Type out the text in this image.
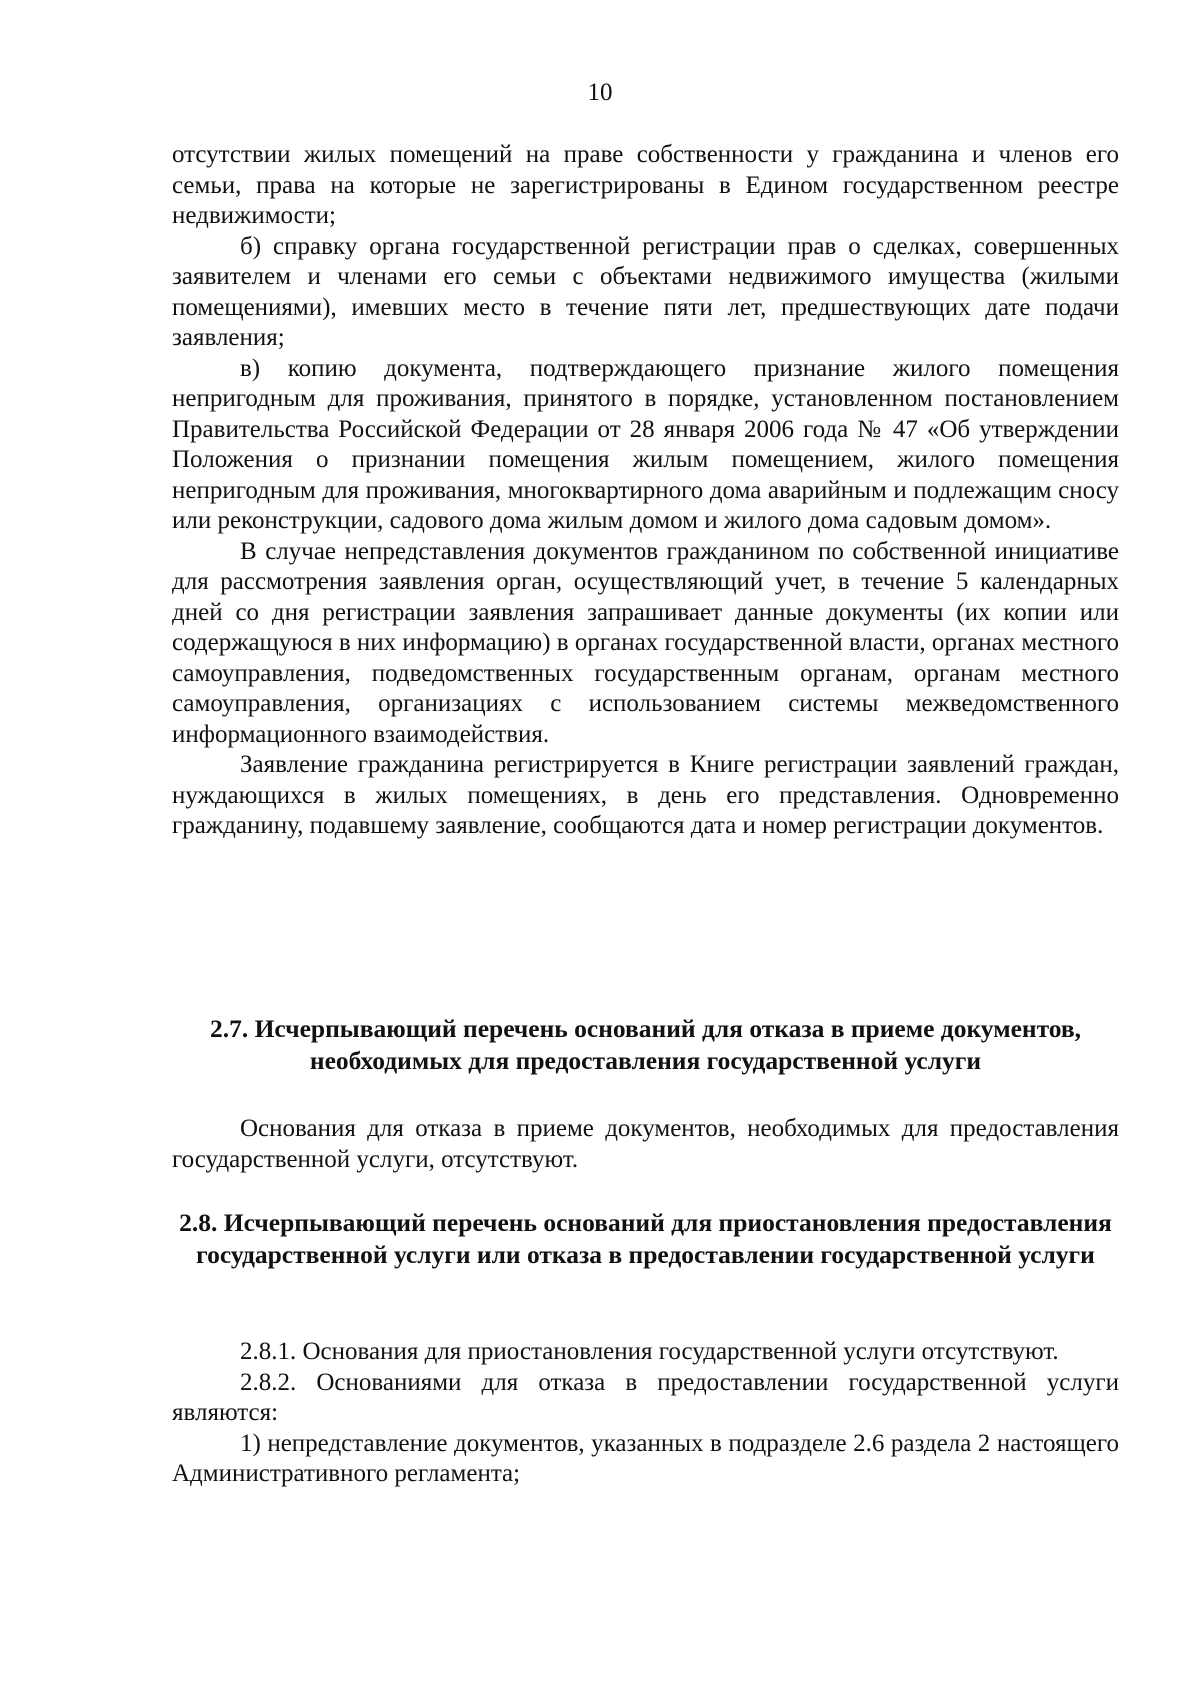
10

отсутствии жилых помещений на праве собственности у гражданина и членов его семьи, права на которые не зарегистрированы в Едином государственном реестре недвижимости;

б) справку органа государственной регистрации прав о сделках, совершенных заявителем и членами его семьи с объектами недвижимого имущества (жилыми помещениями), имевших место в течение пяти лет, предшествующих дате подачи заявления;

в) копию документа, подтверждающего признание жилого помещения непригодным для проживания, принятого в порядке, установленном постановлением Правительства Российской Федерации от 28 января 2006 года № 47 «Об утверждении Положения о признании помещения жилым помещением, жилого помещения непригодным для проживания, многоквартирного дома аварийным и подлежащим сносу или реконструкции, садового дома жилым домом и жилого дома садовым домом».

В случае непредставления документов гражданином по собственной инициативе для рассмотрения заявления орган, осуществляющий учет, в течение 5 календарных дней со дня регистрации заявления запрашивает данные документы (их копии или содержащуюся в них информацию) в органах государственной власти, органах местного самоуправления, подведомственных государственным органам, органам местного самоуправления, организациях с использованием системы межведомственного информационного взаимодействия.

Заявление гражданина регистрируется в Книге регистрации заявлений граждан, нуждающихся в жилых помещениях, в день его представления. Одновременно гражданину, подавшему заявление, сообщаются дата и номер регистрации документов.

2.7. Исчерпывающий перечень оснований для отказа в приеме документов, необходимых для предоставления государственной услуги

Основания для отказа в приеме документов, необходимых для предоставления государственной услуги, отсутствуют.

2.8. Исчерпывающий перечень оснований для приостановления предоставления государственной услуги или отказа в предоставлении государственной услуги

2.8.1. Основания для приостановления государственной услуги отсутствуют.

2.8.2. Основаниями для отказа в предоставлении государственной услуги являются:

1) непредставление документов, указанных в подразделе 2.6 раздела 2 настоящего Административного регламента;
